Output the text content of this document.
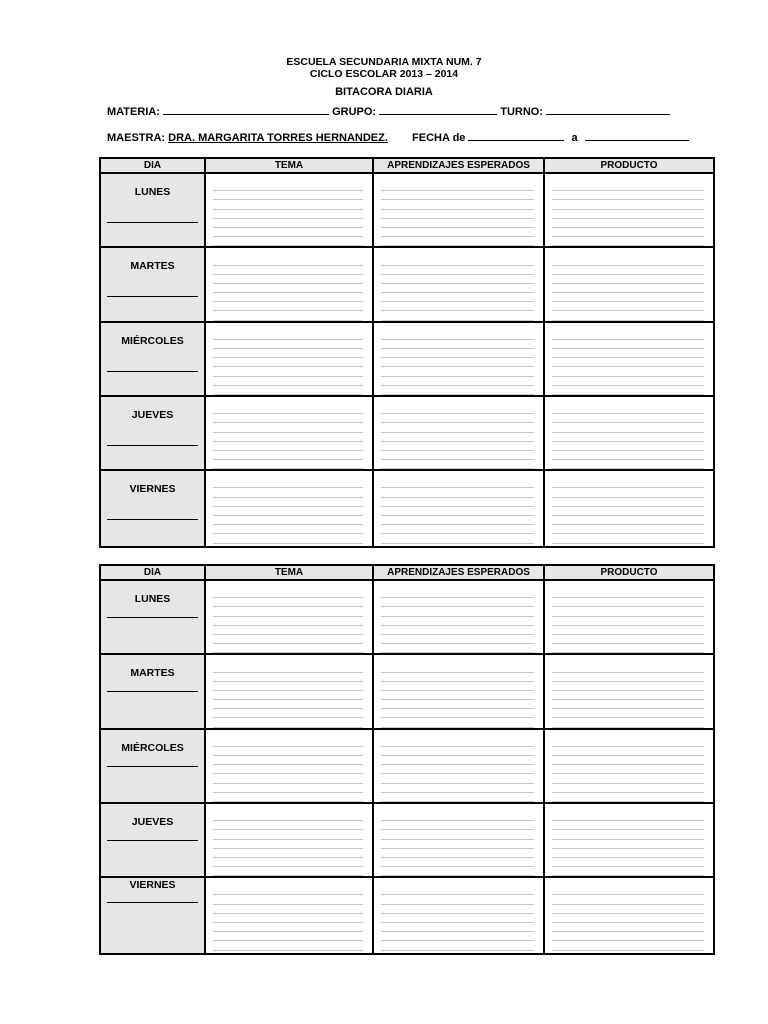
ESCUELA SECUNDARIA MIXTA NUM. 7
CICLO ESCOLAR 2013 – 2014
BITACORA DIARIA
MATERIA:	GRUPO:	TURNO:
MAESTRA: DRA. MARGARITA TORRES HERNANDEZ. FECHA de	a
DIA	TEMA	APRENDIZAJES ESPERADOS	PRODUCTO

LUNES			

MARTES			

MIÉRCOLES			

JUEVES			

VIERNES			

DIA	TEMA	APRENDIZAJES ESPERADOS	PRODUCTO

LUNES			

MARTES			

MIÉRCOLES			

JUEVES			

VIERNES			
